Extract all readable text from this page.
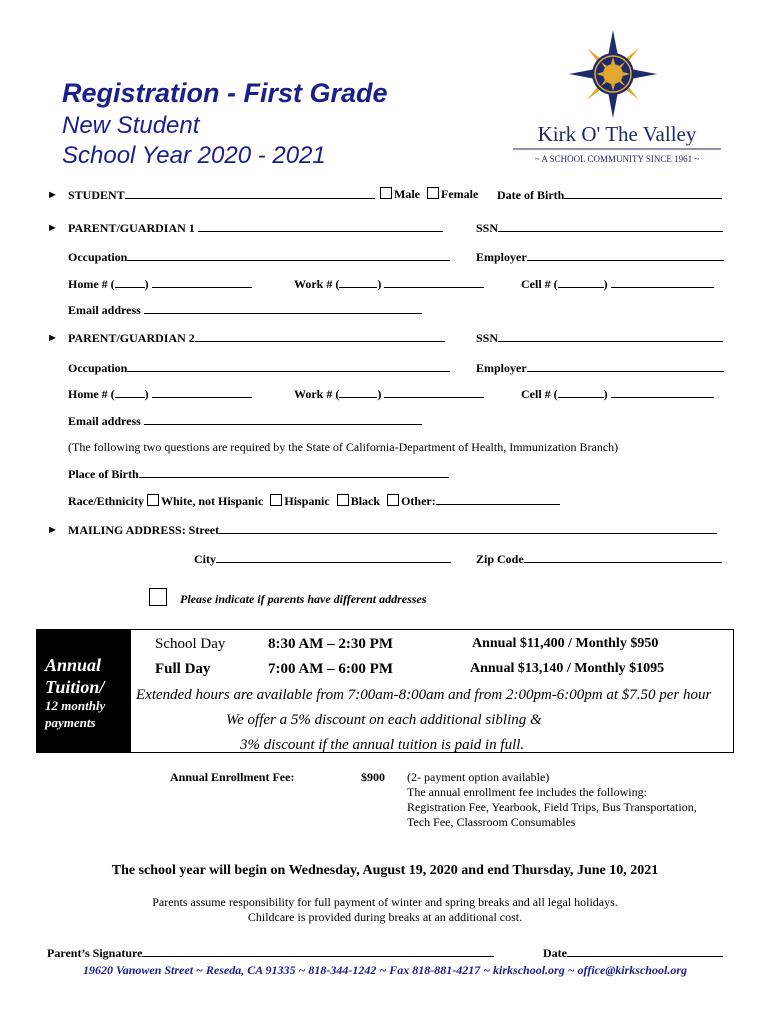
Registration - First Grade
New Student
School Year 2020 - 2021
Kirk O' The Valley
~ A SCHOOL COMMUNITY SINCE 1961 ~
► STUDENT	Male Female Date of Birth
► PARENT/GUARDIAN 1	SSN
Occupation	Employer
Home # (	)	Work # (	)	Cell # (	)
Email address
► PARENT/GUARDIAN 2	SSN
Occupation	Employer
Home # (	)	Work # (	)	Cell # (	)
Email address
(The following two questions are required by the State of California-Department of Health, Immunization Branch)
Place of Birth
Race/Ethnicity White, not Hispanic Hispanic Black Other:
► MAILING ADDRESS: Street
City	Zip Code
Please indicate if parents have different addresses
Annual Tuition/
12 monthly payments
School Day	8:30 AM – 2:30 PM	Annual $11,400 / Monthly $950
Full Day	7:00 AM – 6:00 PM	Annual $13,140 / Monthly $1095
Extended hours are available from 7:00am-8:00am and from 2:00pm-6:00pm at $7.50 per hour
We offer a 5% discount on each additional sibling &
3% discount if the annual tuition is paid in full.
Annual Enrollment Fee:	$900 (2- payment option available)
The annual enrollment fee includes the following:
Registration Fee, Yearbook, Field Trips, Bus Transportation,
Tech Fee, Classroom Consumables
The school year will begin on Wednesday, August 19, 2020 and end Thursday, June 10, 2021
Parents assume responsibility for full payment of winter and spring breaks and all legal holidays.
Childcare is provided during breaks at an additional cost.
Parent’s Signature	Date
19620 Vanowen Street ~ Reseda, CA 91335 ~ 818-344-1242 ~ Fax 818-881-4217 ~ kirkschool.org ~ office@kirkschool.org
